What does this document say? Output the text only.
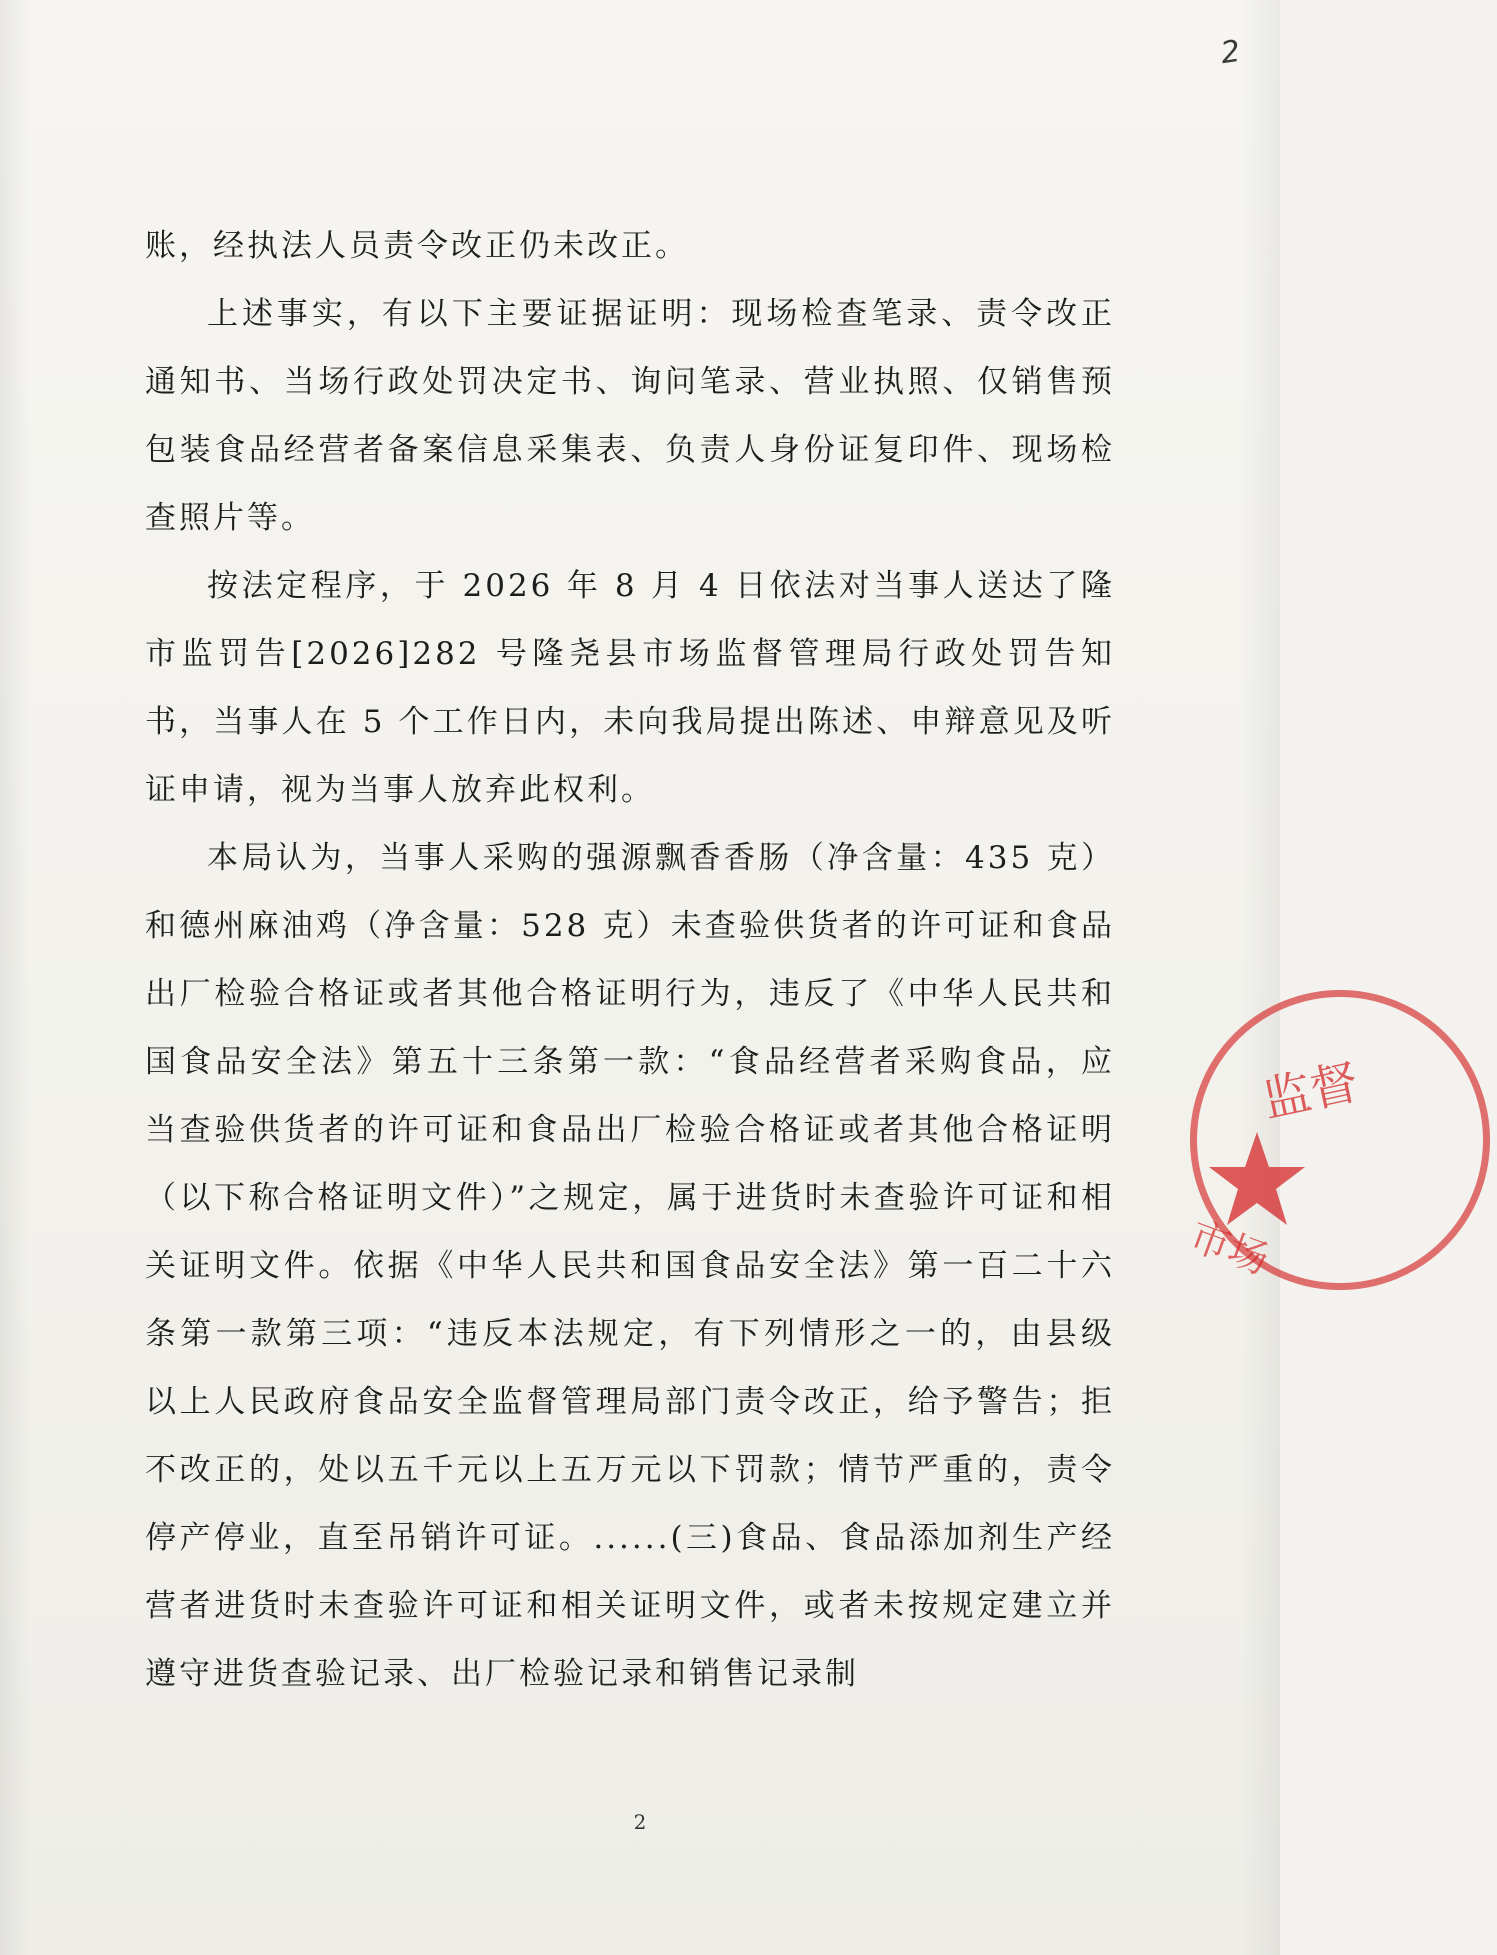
2

账，经执法人员责令改正仍未改正。

上述事实，有以下主要证据证明：现场检查笔录、责令改正通知书、当场行政处罚决定书、询问笔录、营业执照、仅销售预包装食品经营者备案信息采集表、负责人身份证复印件、现场检查照片等。

按法定程序，于 2026 年 8 月 4 日依法对当事人送达了隆市监罚告[2026]282 号隆尧县市场监督管理局行政处罚告知书，当事人在 5 个工作日内，未向我局提出陈述、申辩意见及听证申请，视为当事人放弃此权利。

本局认为，当事人采购的强源飘香香肠（净含量：435 克）和德州麻油鸡（净含量：528 克）未查验供货者的许可证和食品出厂检验合格证或者其他合格证明行为，违反了《中华人民共和国食品安全法》第五十三条第一款：“食品经营者采购食品，应当查验供货者的许可证和食品出厂检验合格证或者其他合格证明（以下称合格证明文件）”之规定，属于进货时未查验许可证和相关证明文件。依据《中华人民共和国食品安全法》第一百二十六条第一款第三项：“违反本法规定，有下列情形之一的，由县级以上人民政府食品安全监督管理局部门责令改正，给予警告；拒不改正的，处以五千元以上五万元以下罚款；情节严重的，责令停产停业，直至吊销许可证。......(三)食品、食品添加剂生产经营者进货时未查验许可证和相关证明文件，或者未按规定建立并遵守进货查验记录、出厂检验记录和销售记录制

监督
市场
2
